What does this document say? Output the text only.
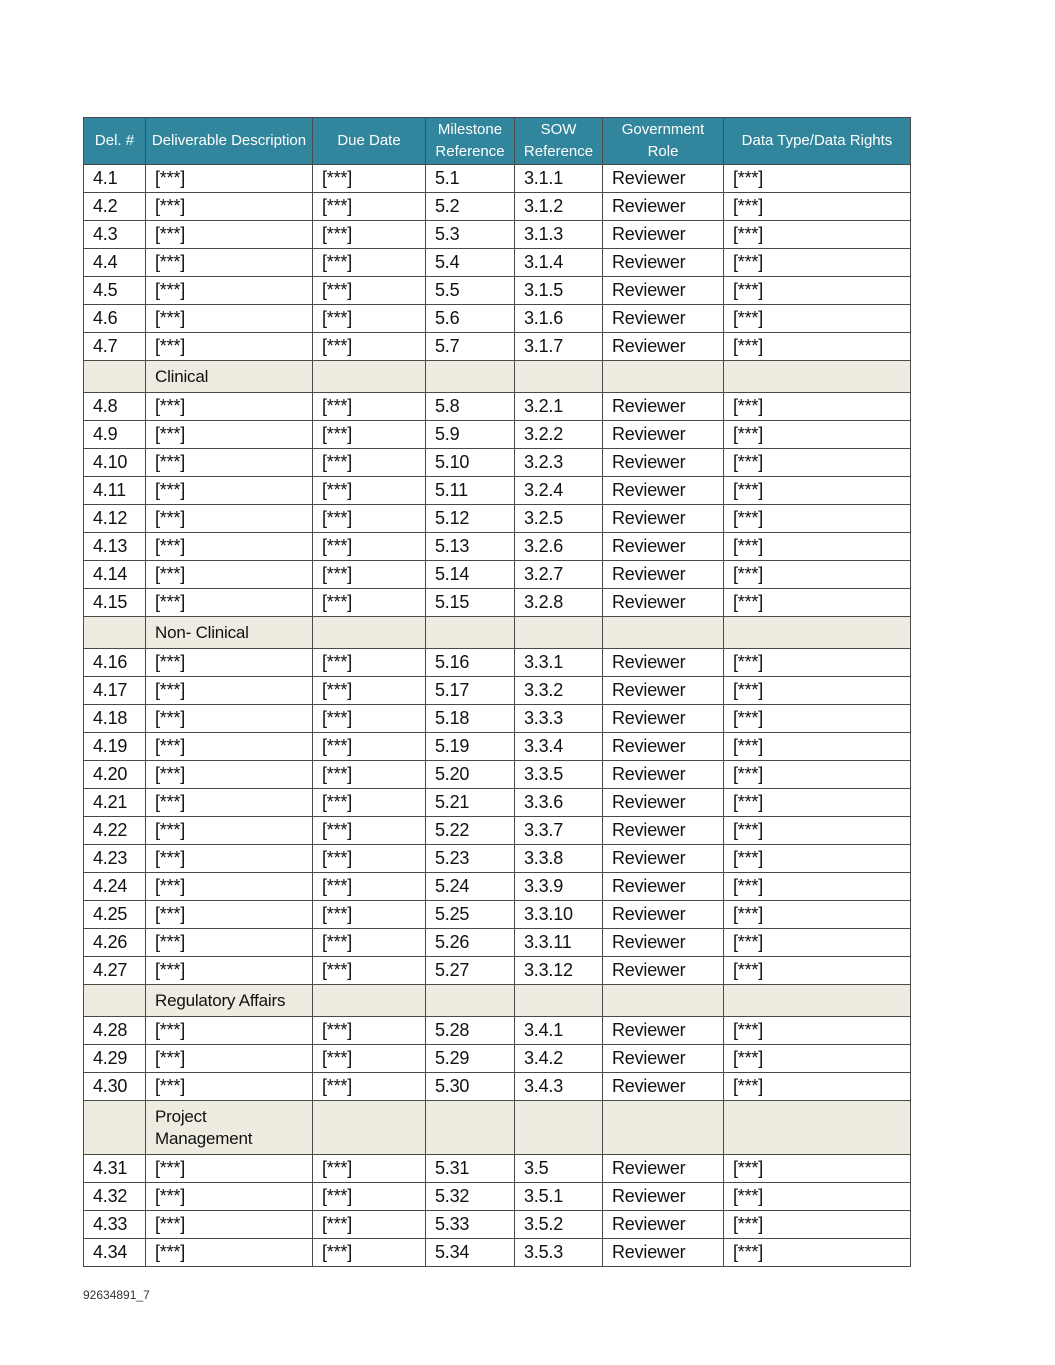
Del. #	Deliverable Description	Due Date	Milestone Reference	SOW Reference	Government Role	Data Type/Data Rights
4.1	[***]	[***]	5.1	3.1.1	Reviewer	[***]
4.2	[***]	[***]	5.2	3.1.2	Reviewer	[***]
4.3	[***]	[***]	5.3	3.1.3	Reviewer	[***]
4.4	[***]	[***]	5.4	3.1.4	Reviewer	[***]
4.5	[***]	[***]	5.5	3.1.5	Reviewer	[***]
4.6	[***]	[***]	5.6	3.1.6	Reviewer	[***]
4.7	[***]	[***]	5.7	3.1.7	Reviewer	[***]
	Clinical					
4.8	[***]	[***]	5.8	3.2.1	Reviewer	[***]
4.9	[***]	[***]	5.9	3.2.2	Reviewer	[***]
4.10	[***]	[***]	5.10	3.2.3	Reviewer	[***]
4.11	[***]	[***]	5.11	3.2.4	Reviewer	[***]
4.12	[***]	[***]	5.12	3.2.5	Reviewer	[***]
4.13	[***]	[***]	5.13	3.2.6	Reviewer	[***]
4.14	[***]	[***]	5.14	3.2.7	Reviewer	[***]
4.15	[***]	[***]	5.15	3.2.8	Reviewer	[***]
	Non- Clinical					
4.16	[***]	[***]	5.16	3.3.1	Reviewer	[***]
4.17	[***]	[***]	5.17	3.3.2	Reviewer	[***]
4.18	[***]	[***]	5.18	3.3.3	Reviewer	[***]
4.19	[***]	[***]	5.19	3.3.4	Reviewer	[***]
4.20	[***]	[***]	5.20	3.3.5	Reviewer	[***]
4.21	[***]	[***]	5.21	3.3.6	Reviewer	[***]
4.22	[***]	[***]	5.22	3.3.7	Reviewer	[***]
4.23	[***]	[***]	5.23	3.3.8	Reviewer	[***]
4.24	[***]	[***]	5.24	3.3.9	Reviewer	[***]
4.25	[***]	[***]	5.25	3.3.10	Reviewer	[***]
4.26	[***]	[***]	5.26	3.3.11	Reviewer	[***]
4.27	[***]	[***]	5.27	3.3.12	Reviewer	[***]
	Regulatory Affairs					
4.28	[***]	[***]	5.28	3.4.1	Reviewer	[***]
4.29	[***]	[***]	5.29	3.4.2	Reviewer	[***]
4.30	[***]	[***]	5.30	3.4.3	Reviewer	[***]
	Project Management					
4.31	[***]	[***]	5.31	3.5	Reviewer	[***]
4.32	[***]	[***]	5.32	3.5.1	Reviewer	[***]
4.33	[***]	[***]	5.33	3.5.2	Reviewer	[***]
4.34	[***]	[***]	5.34	3.5.3	Reviewer	[***]
92634891_7
